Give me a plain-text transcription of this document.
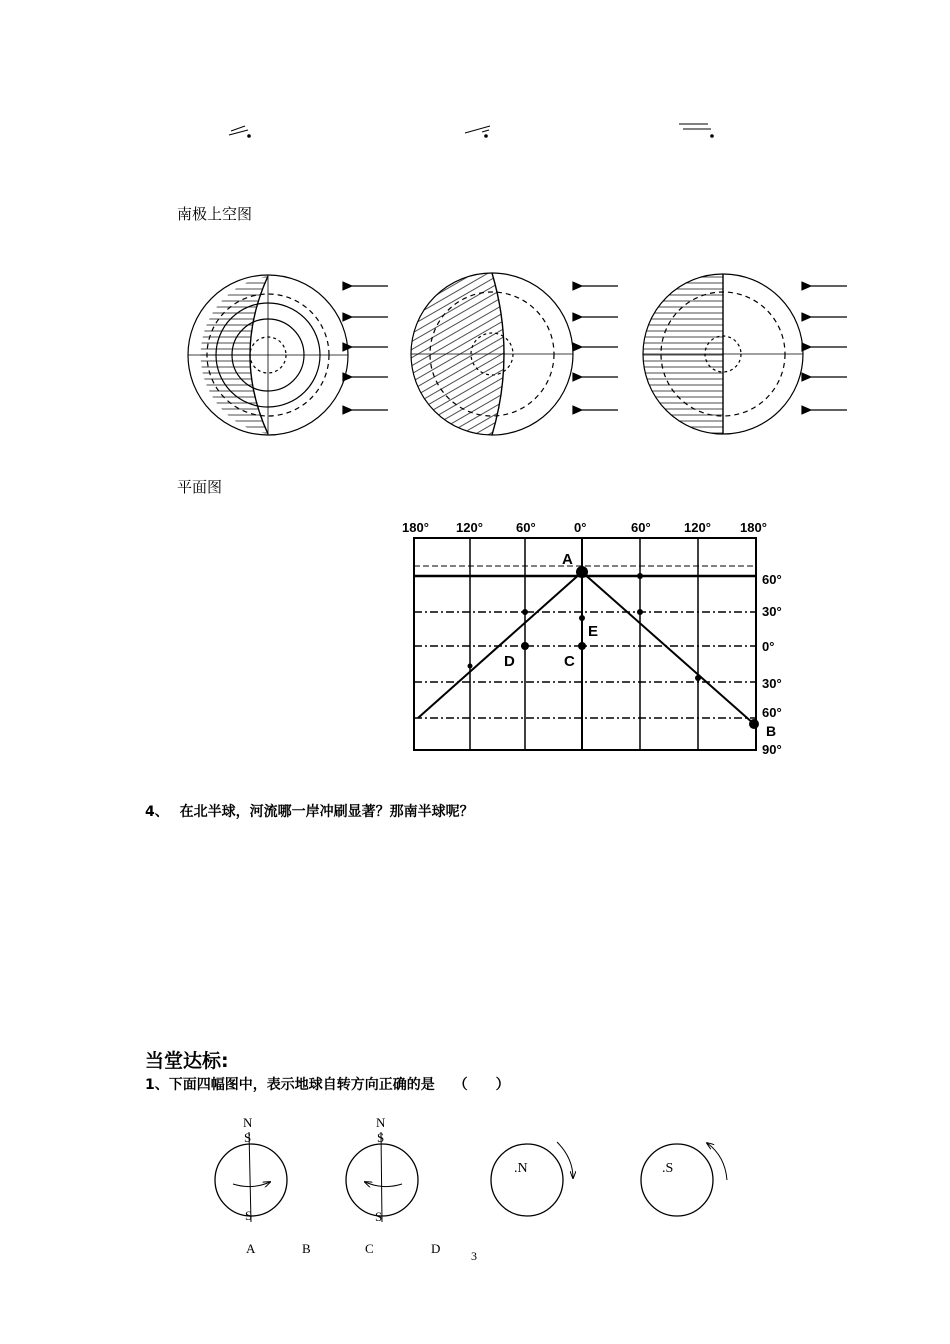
南极上空图
平面图
180° 120°	60°	0°	60°	120° 180°
60°
30°
0°
30°
60°
90°
A
B
C
D
E
4、 在北半球，河流哪一岸冲刷显著？那南半球呢？
当堂达标:
1、下面四幅图中，表示地球自转方向正确的是 （　　）
N
S
S
N
S
S
.N	.S
A	B	C	D	3
